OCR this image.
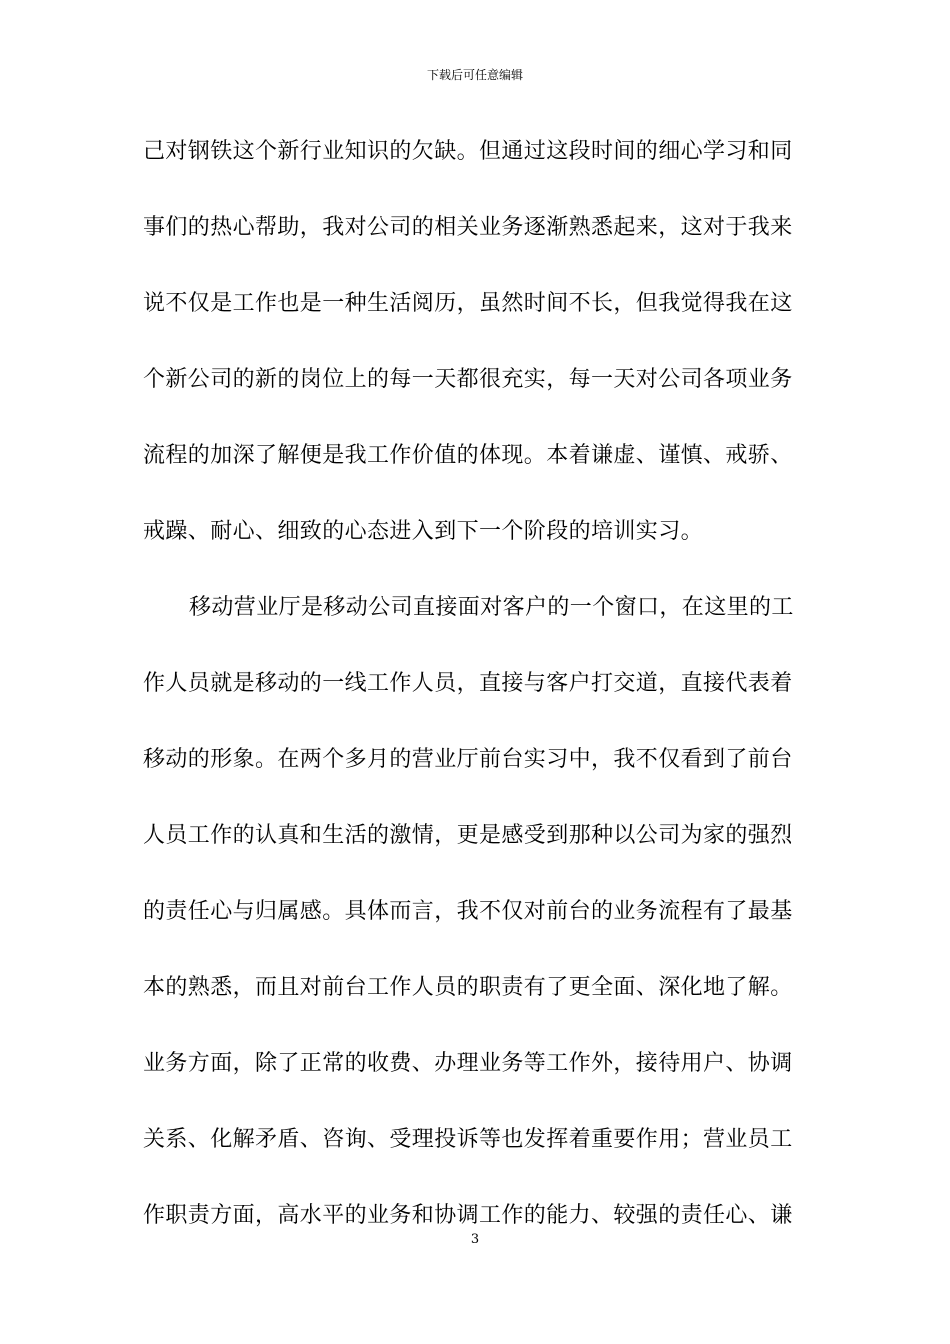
下载后可任意编辑
己对钢铁这个新行业知识的欠缺。但通过这段时间的细心学习和同
事们的热心帮助，我对公司的相关业务逐渐熟悉起来，这对于我来
说不仅是工作也是一种生活阅历，虽然时间不长，但我觉得我在这
个新公司的新的岗位上的每一天都很充实，每一天对公司各项业务
流程的加深了解便是我工作价值的体现。本着谦虚、谨慎、戒骄、
戒躁、耐心、细致的心态进入到下一个阶段的培训实习。
移动营业厅是移动公司直接面对客户的一个窗口，在这里的工
作人员就是移动的一线工作人员，直接与客户打交道，直接代表着
移动的形象。在两个多月的营业厅前台实习中，我不仅看到了前台
人员工作的认真和生活的激情，更是感受到那种以公司为家的强烈
的责任心与归属感。具体而言，我不仅对前台的业务流程有了最基
本的熟悉，而且对前台工作人员的职责有了更全面、深化地了解。
业务方面，除了正常的收费、办理业务等工作外，接待用户、协调
关系、化解矛盾、咨询、受理投诉等也发挥着重要作用；营业员工
作职责方面，高水平的业务和协调工作的能力、较强的责任心、谦
3
